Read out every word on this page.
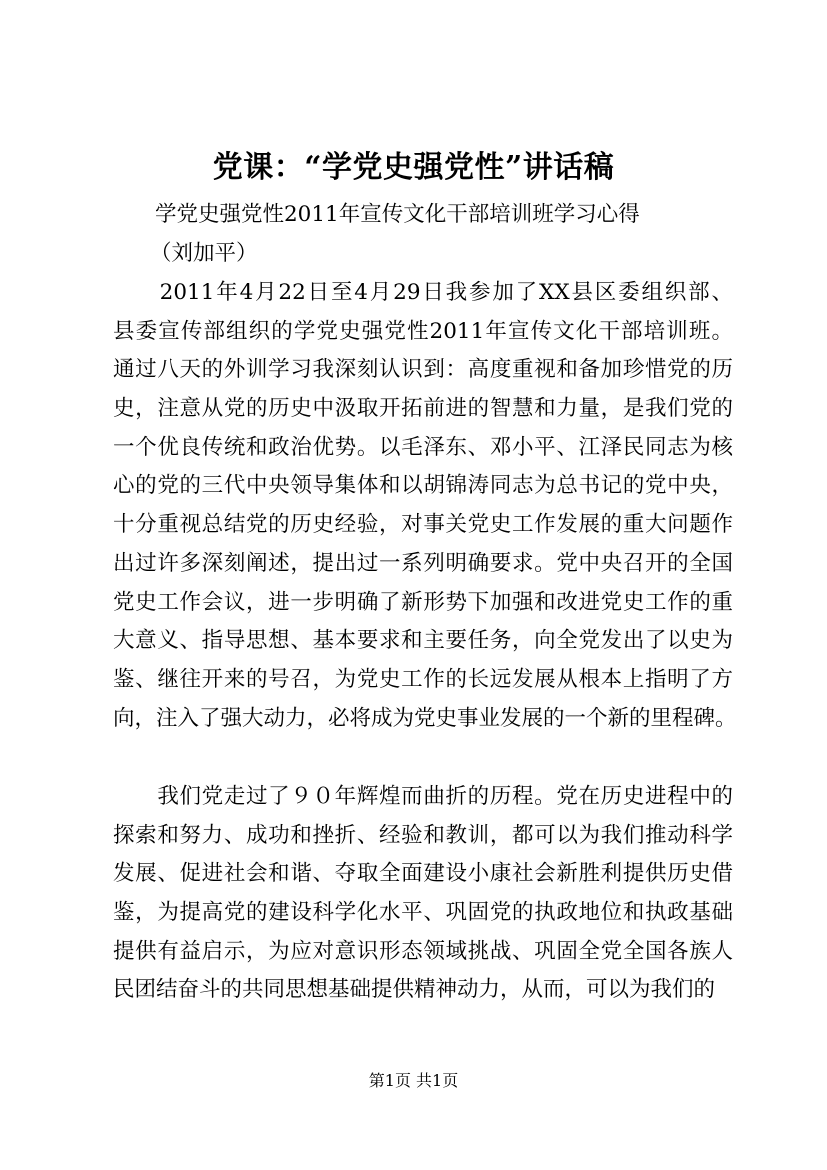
党课：“学党史强党性”讲话稿

学党史强党性2011年宣传文化干部培训班学习心得

（刘加平）

　　2011年4月22日至4月29日我参加了XX县区委组织部、
县委宣传部组织的学党史强党性2011年宣传文化干部培训班。
通过八天的外训学习我深刻认识到：高度重视和备加珍惜党的历
史，注意从党的历史中汲取开拓前进的智慧和力量，是我们党的
一个优良传统和政治优势。以毛泽东、邓小平、江泽民同志为核
心的党的三代中央领导集体和以胡锦涛同志为总书记的党中央，
十分重视总结党的历史经验，对事关党史工作发展的重大问题作
出过许多深刻阐述，提出过一系列明确要求。党中央召开的全国
党史工作会议，进一步明确了新形势下加强和改进党史工作的重
大意义、指导思想、基本要求和主要任务，向全党发出了以史为
鉴、继往开来的号召，为党史工作的长远发展从根本上指明了方
向，注入了强大动力，必将成为党史事业发展的一个新的里程碑。
　　我们党走过了９０年辉煌而曲折的历程。党在历史进程中的
探索和努力、成功和挫折、经验和教训，都可以为我们推动科学
发展、促进社会和谐、夺取全面建设小康社会新胜利提供历史借
鉴，为提高党的建设科学化水平、巩固党的执政地位和执政基础
提供有益启示，为应对意识形态领域挑战、巩固全党全国各族人
民团结奋斗的共同思想基础提供精神动力，从而，可以为我们的

第1页 共1页
